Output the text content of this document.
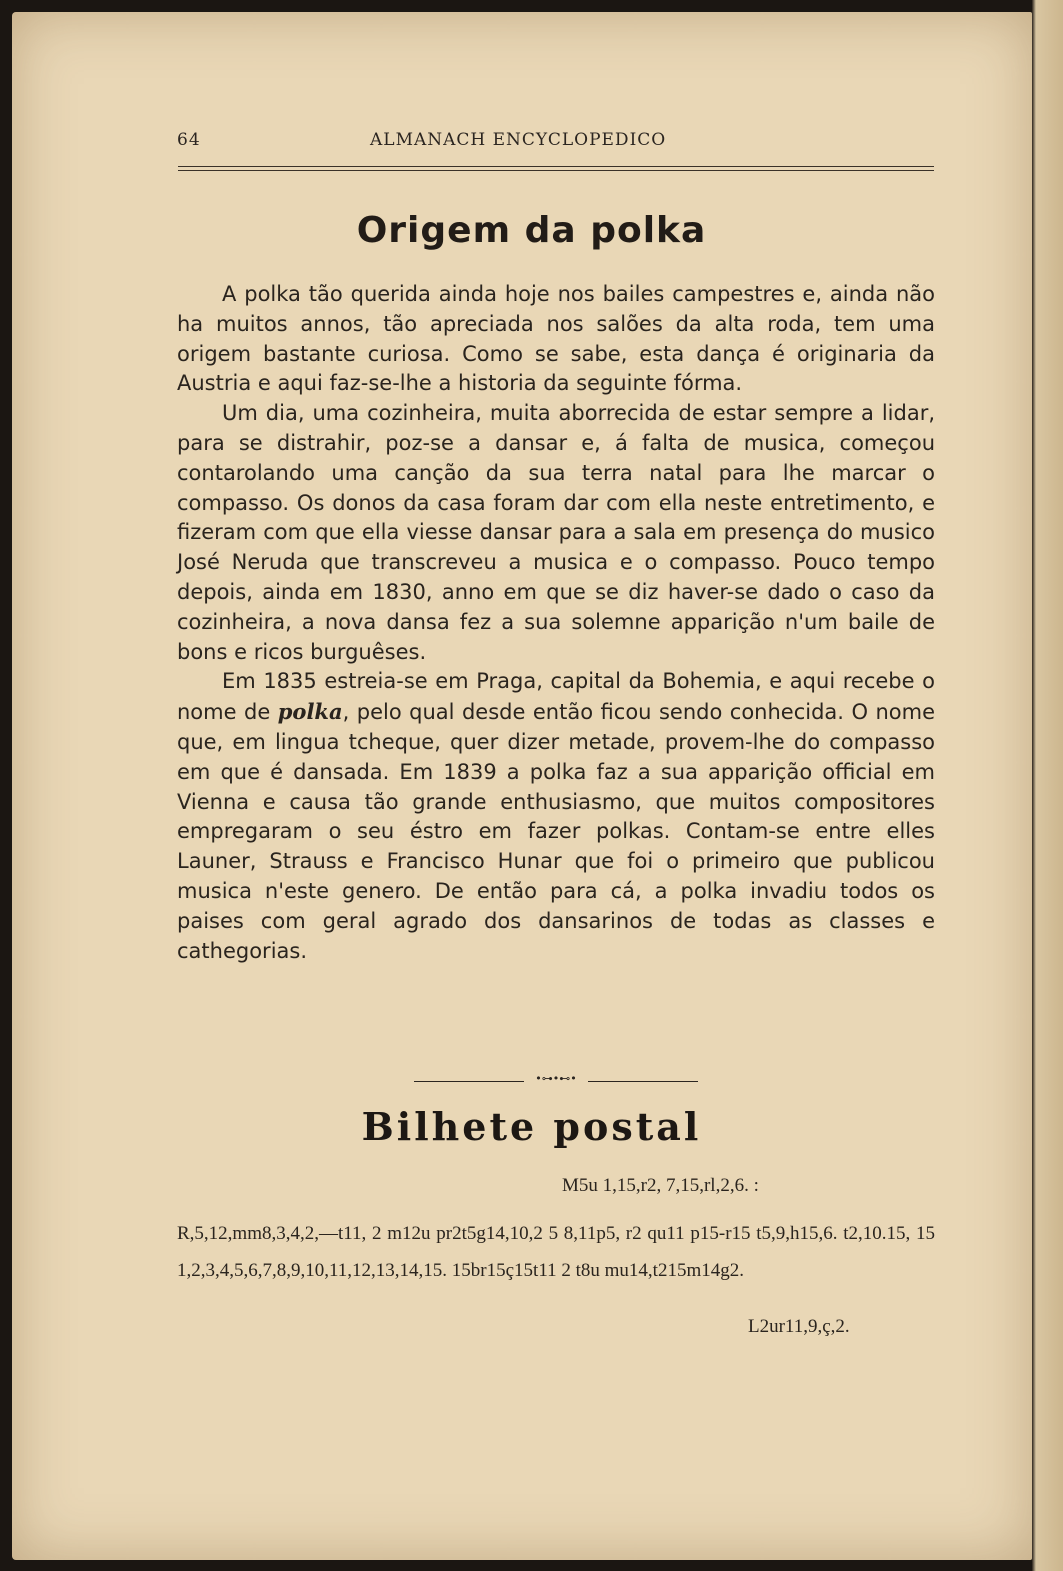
64	ALMANACH ENCYCLOPEDICO
Origem da polka

A polka tão querida ainda hoje nos bailes campestres e, ainda não ha muitos annos, tão apreciada nos salões da alta roda, tem uma origem bastante curiosa. Como se sabe, esta dança é originaria da Austria e aqui faz-se-lhe a historia da seguinte fórma.

Um dia, uma cozinheira, muita aborrecida de estar sempre a lidar, para se distrahir, poz-se a dansar e, á falta de musica, começou contarolando uma canção da sua terra natal para lhe marcar o compasso. Os donos da casa foram dar com ella neste entretimento, e fizeram com que ella viesse dansar para a sala em presença do musico José Neruda que transcreveu a musica e o compasso. Pouco tempo depois, ainda em 1830, anno em que se diz haver-se dado o caso da cozinheira, a nova dansa fez a sua solemne apparição n'um baile de bons e ricos burguêses.

Em 1835 estreia-se em Praga, capital da Bohemia, e aqui recebe o nome de polka, pelo qual desde então ficou sendo conhecida. O nome que, em lingua tcheque, quer dizer metade, provem-lhe do compasso em que é dansada. Em 1839 a polka faz a sua apparição official em Vienna e causa tão grande enthusiasmo, que muitos compositores empregaram o seu éstro em fazer polkas. Contam-se entre elles Launer, Strauss e Francisco Hunar que foi o primeiro que publicou musica n'este genero. De então para cá, a polka invadiu todos os paises com geral agrado dos dansarinos de todas as classes e cathegorias.

•⊶•⊷•
Bilhete postal
M5u 1,15,r2, 7,15,rl,2,6. :
R,5,12,mm8,3,4,2,—t11, 2 m12u pr2t5g14,10,2 5 8,11p5, r2 qu11 p15-r15 t5,9,h15,6. t2,10.15, 15 1,2,3,4,5,6,7,8,9,10,11,12,13,14,15. 15br15ç15t11 2 t8u mu14,t215m14g2.
L2ur11,9,ç,2.
